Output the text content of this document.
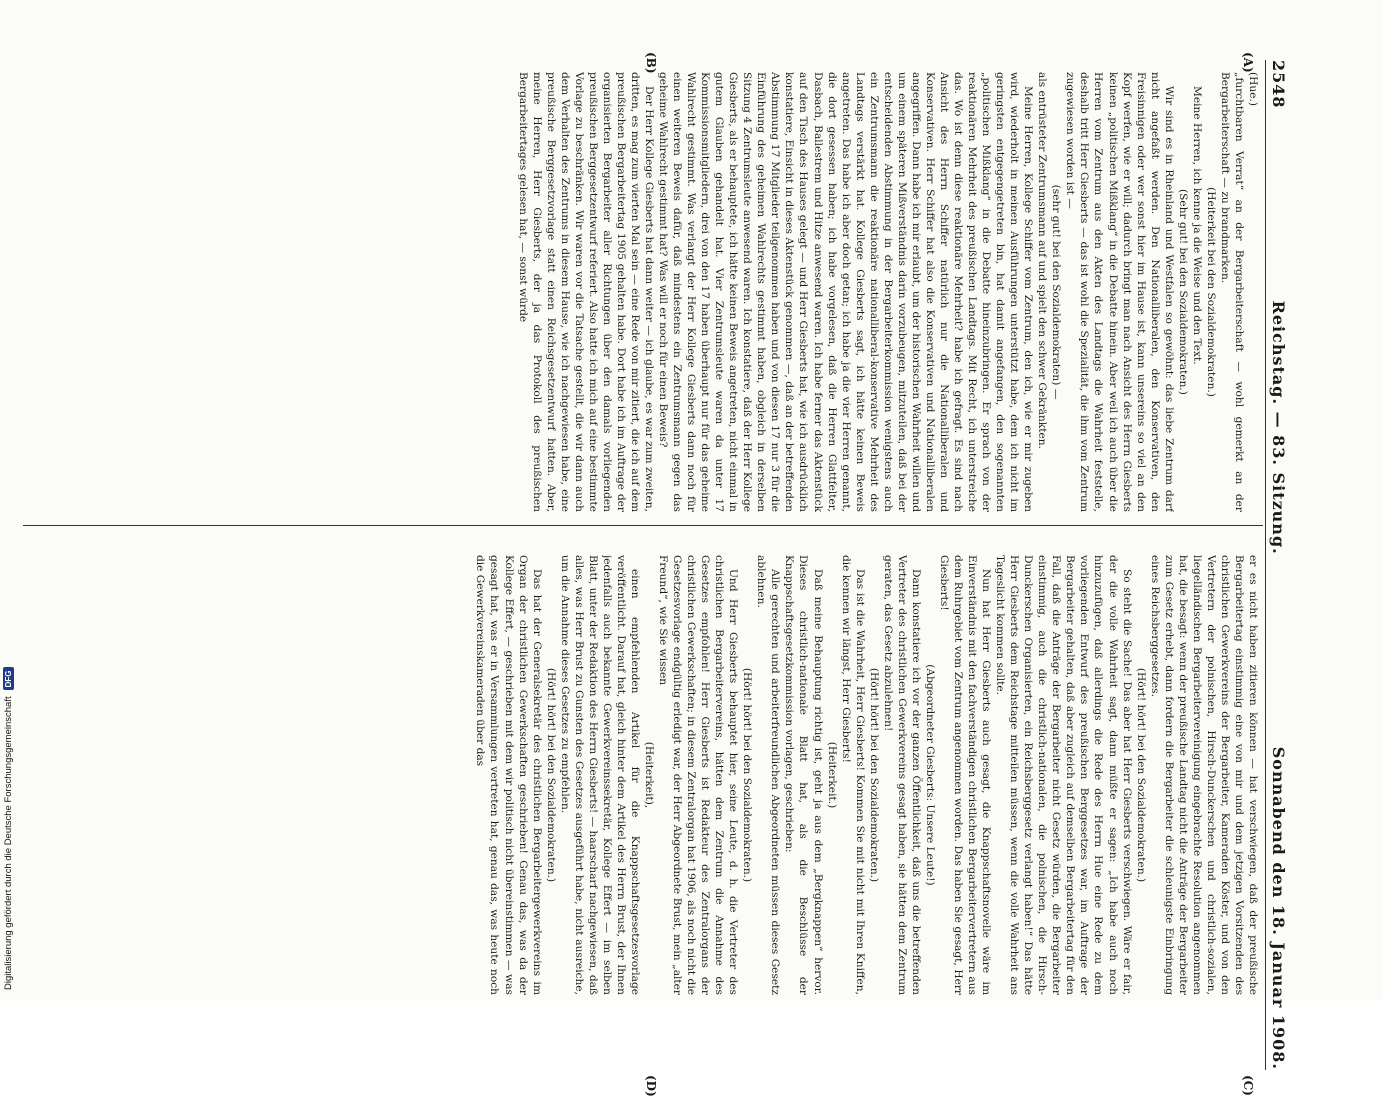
2548
Reichstag. — 83. Sitzung.
Sonnabend den 18. Januar 1908.
(A)
(B)
(C)
(D)

(Hue.)

„furchtbaren Verrat“ an der Bergarbeiterschaft — wohl gemerkt an der Bergarbeiterschaft — zu brandmarken.

(Heiterkeit bei den Sozialdemokraten.)

Meine Herren, ich kenne ja die Weise und den Text.

(Sehr gut! bei den Sozialdemokraten.)

Wir sind es in Rheinland und Westfalen so gewöhnt: das liebe Zentrum darf nicht angefaßt werden. Den Nationalliberalen, den Konservativen, den Freisinnigen oder wer sonst hier im Hause ist, kann unsereins so viel an den Kopf werfen, wie er will; dadurch bringt man nach Ansicht des Herrn Giesberts keinen „politischen Mißklang“ in die Debatte hinein. Aber weil ich auch über die Herren vom Zentrum aus den Akten des Landtags die Wahrheit feststelle, deshalb tritt Herr Giesberts — das ist wohl die Spezialität, die ihm vom Zentrum zugewiesen worden ist —

(sehr gut! bei den Sozialdemokraten) —

als entrüsteter Zentrumsmann auf und spielt den schwer Gekränkten.

Meine Herren, Kollege Schiffer vom Zentrum, den ich, wie er mir zugeben wird, wiederholt in meinen Ausführungen unterstützt habe, dem ich nicht im geringsten entgegengetreten bin, hat damit angefangen, den sogenannten „politischen Mißklang“ in die Debatte hineinzubringen. Er sprach von der reaktionären Mehrheit des preußischen Landtags. Mit Recht, ich unterstreiche das. Wo ist denn diese reaktionäre Mehrheit? habe ich gefragt. Es sind nach Ansicht des Herrn Schiffer natürlich nur die Nationalliberalen und Konservativen. Herr Schiffer hat also die Konservativen und Nationalliberalen angegriffen. Dann habe ich mir erlaubt, um der historischen Wahrheit willen und um einem späteren Mißverständnis darin vorzubeugen, mitzuteilen, daß bei der entscheidenden Abstimmung in der Bergarbeiterkommission wenigstens auch ein Zentrumsmann die reaktionäre nationalliberal-konservative Mehrheit des Landtags verstärkt hat. Kollege Giesberts sagt, ich hätte keinen Beweis angetreten. Das habe ich aber doch getan; ich habe ja die vier Herren genannt, die dort gesessen haben; ich habe vorgelesen, daß die Herren Glattfelter, Dasbach, Ballestrem und Hitze anwesend waren. Ich habe ferner das Aktenstück auf den Tisch des Hauses gelegt — und Herr Giesberts hat, wie ich ausdrücklich konstatiere, Einsicht in dieses Aktenstück genommen —, daß an der betreffenden Abstimmung 17 Mitglieder teilgenommen haben und von diesen 17 nur 3 für die Einführung des geheimen Wahlrechts gestimmt haben, obgleich in derselben Sitzung 4 Zentrumsleute anwesend waren. Ich konstatiere, daß der Herr Kollege Giesberts, als er behauptete, ich hätte keinen Beweis angetreten, nicht einmal in gutem Glauben gehandelt hat. Vier Zentrumsleute waren da unter 17 Kommissionsmitgliedern, drei von den 17 haben überhaupt nur für das geheime Wahlrecht gestimmt. Was verlangt der Herr Kollege Giesberts dann noch für einen weiteren Beweis dafür, daß mindestens ein Zentrumsmann gegen das geheime Wahlrecht gestimmt hat? Was will er noch für einen Beweis?

Der Herr Kollege Giesberts hat dann weiter — ich glaube, es war zum zweiten, dritten, es mag zum vierten Mal sein — eine Rede von mir zitiert, die ich auf dem preußischen Bergarbeitertag 1905 gehalten habe. Dort habe ich im Auftrage der organisierten Bergarbeiter aller Richtungen über den damals vorliegenden preußischen Berggesetzentwurf referiert. Also hatte ich mich auf eine bestimmte Vorlage zu beschränken. Wir waren vor die Tatsache gestellt, die wir dann auch dem Verhalten des Zentrums in diesem Hause, wie ich nachgewiesen habe, eine preußische Berggesetzvorlage statt einen Reichsgesetzentwurf hatten. Aber, meine Herren, Herr Giesberts, der ja das Protokoll des preußischen Bergarbeitertages gelesen hat, — sonst würde

er es nicht haben zitieren können — hat verschwiegen, daß der preußische Bergarbeitertag einstimmig eine von mir und dem jetzigen Vorsitzenden des christlichen Gewerkvereins der Bergarbeiter, Kameraden Köster, und von den Vertretern der polnischen, Hirsch-Dunckerschen und christlich-sozialen, liegelländischen Bergarbeitervereinigung eingebrachte Resolution angenommen hat, die besagt: wenn der preußische Landtag nicht die Anträge der Bergarbeiter zum Gesetz erhebt, dann fordern die Bergarbeiter die schleunigste Einbringung eines Reichsberggesetzes.

(Hört! hört! bei den Sozialdemokraten.)

So steht die Sache! Das aber hat Herr Giesberts verschwiegen. Wäre er fair, der die volle Wahrheit sagt, dann müßte er sagen: „Ich habe auch noch hinzuzufügen, daß allerdings die Rede des Herrn Hue eine Rede zu dem vorliegenden Entwurf des preußischen Berggesetzes war, im Auftrage der Bergarbeiter gehalten, daß aber zugleich auf demselben Bergarbeitertag für den Fall, daß die Anträge der Bergarbeiter nicht Gesetz würden, die Bergarbeiter einstimmig, auch die christlich-nationalen, die polnischen, die Hirsch-Dunckerschen Organisierten, ein Reichsberggesetz verlangt haben!“ Das hätte Herr Giesberts dem Reichstage mitteilen müssen, wenn die volle Wahrheit ans Tageslicht kommen sollte.

Nun hat Herr Giesberts auch gesagt, die Knappschaftsnovelle wäre im Einverständnis mit den fachverständigen christlichen Bergarbeitervertretern aus dem Ruhrgebiet vom Zentrum angenommen worden. Das haben Sie gesagt, Herr Giesberts!

(Abgeordneter Giesberts: Unsere Leute!)

Dann konstatiere ich vor der ganzen Öffentlichkeit, daß uns die betreffenden Vertreter des christlichen Gewerkvereins gesagt haben, sie hätten dem Zentrum geraten, das Gesetz abzulehnen!

(Hört! hört! bei den Sozialdemokraten.)

Das ist die Wahrheit, Herr Giesberts! Kommen Sie mit nicht mit Ihren Kniffen, die kennen wir längst, Herr Giesberts!

(Heiterkeit.)

Daß meine Behauptung richtig ist, geht ja aus dem „Bergknappen“ hervor. Dieses christlich-nationale Blatt hat, als die Beschlüsse der Knappschaftsgesetzkommission vorlagen, geschrieben:

Alle gerechten und arbeiterfreundlichen Abgeordneten müssen dieses Gesetz ablehnen.

(Hört! hört! bei den Sozialdemokraten.)

Und Herr Giesberts behauptet hier, seine Leute, d. h. die Vertreter des christlichen Bergarbeitervereins, hätten dem Zentrum die Annahme des Gesetzes empfohlen! Herr Giesberts ist Redakteur des Zentralorgans der christlichen Gewerkschaften; in diesem Zentralorgan hat 1906, als noch nicht die Gesetzesvorlage endgültig erledigt war, der Herr Abgeordnete Brust, mein „alter Freund“, wie Sie wissen

(Heiterkeit),

einen empfehlenden Artikel für die Knappschaftsgesetzesvorlage veröffentlicht. Darauf hat, gleich hinter dem Artikel des Herrn Brust, der Ihnen jedenfalls auch bekannte Gewerkvereinssekretär, Kollege Effert — im selben Blatt, unter der Redaktion des Herrn Giesberts! — haarscharf nachgewiesen, daß alles, was Herr Brust zu Gunsten des Gesetzes ausgeführt habe, nicht ausreiche, um die Annahme dieses Gesetzes zu empfehlen.

(Hört! hört! bei den Sozialdemokraten.)

Das hat der Generalsekretär des christlichen Bergarbeitergewerkvereins im Organ der christlichen Gewerkschaften geschrieben! Genau das, was da der Kollege Effert, — geschrieben mit dem wir politisch nicht übereinstimmen — was gesagt hat, was er in Versammlungen vertreten hat, genau das, was heute noch die Gewerkvereinskameraden über das

Digitalisierung gefördert durch die Deutsche Forschungsgemeinschaft
DFG
